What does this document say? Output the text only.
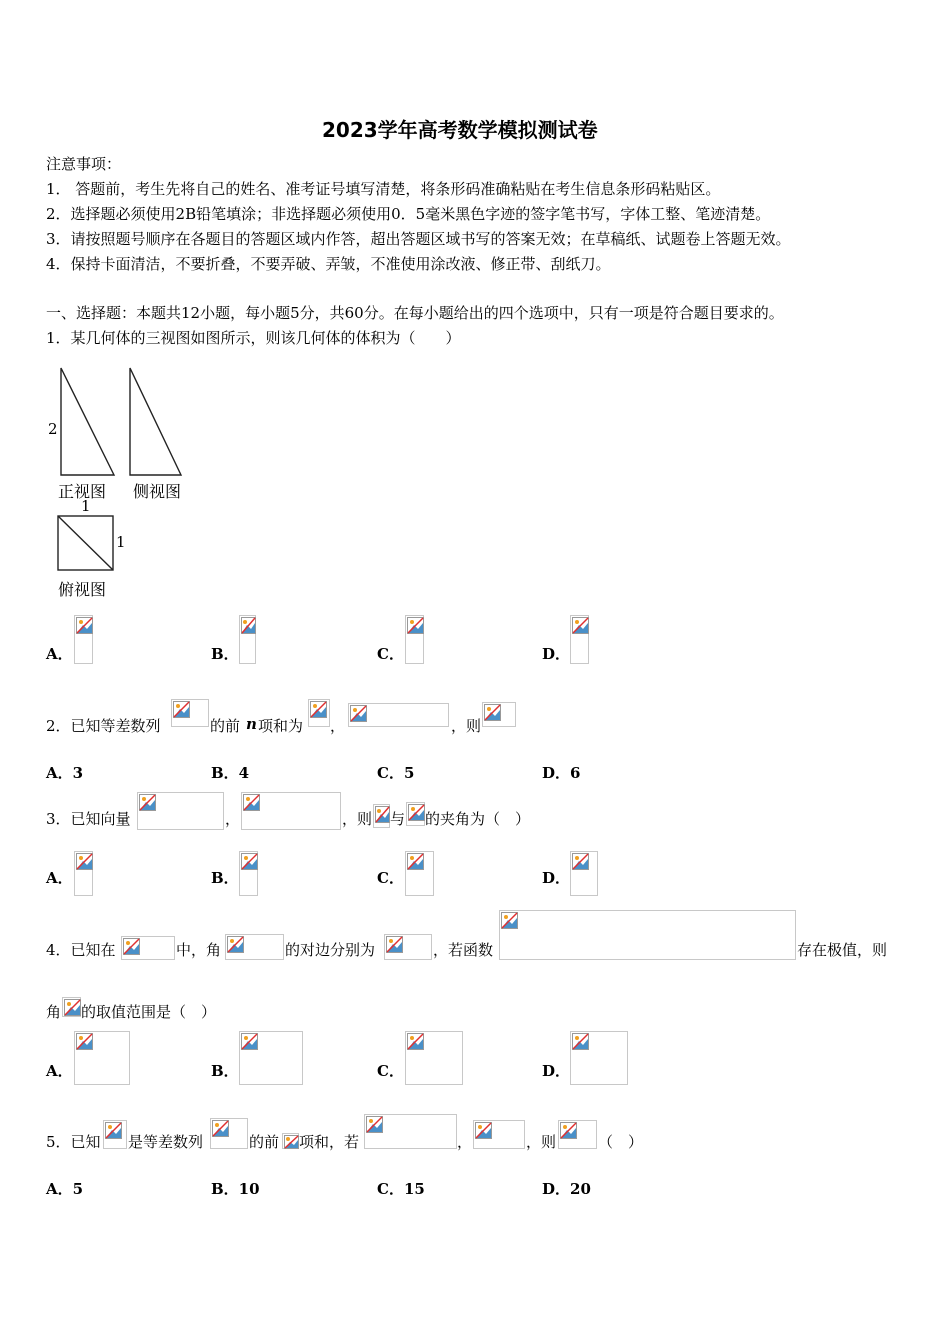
2023学年高考数学模拟测试卷
注意事项：
1． 答题前，考生先将自己的姓名、准考证号填写清楚，将条形码准确粘贴在考生信息条形码粘贴区。
2．选择题必须使用2B铅笔填涂；非选择题必须使用0．5毫米黑色字迹的签字笔书写，字体工整、笔迹清楚。
3．请按照题号顺序在各题目的答题区域内作答，超出答题区域书写的答案无效；在草稿纸、试题卷上答题无效。
4．保持卡面清洁，不要折叠，不要弄破、弄皱，不准使用涂改液、修正带、刮纸刀。
一、选择题：本题共12小题，每小题5分，共60分。在每小题给出的四个选项中，只有一项是符合题目要求的。
1．某几何体的三视图如图所示，则该几何体的体积为（　　）
2
正视图 侧视图
1
1
俯视图
A．	B．	C．	D．
2．已知等差数列	的前 n 项和为 ，	，则
A．3	B．4	C．5	D．6
3．已知向量	，	，则 与 的夹角为（　）
A．	B．	C．	D．
4．已知在	中，角	的对边分别为	，若函数	存在极值，则
角 的取值范围是（　）
A．	B．	C．	D．
5．已知 是等差数列	的前 项和，若	，	，则	（　）
A．5	B．10	C．15	D．20
